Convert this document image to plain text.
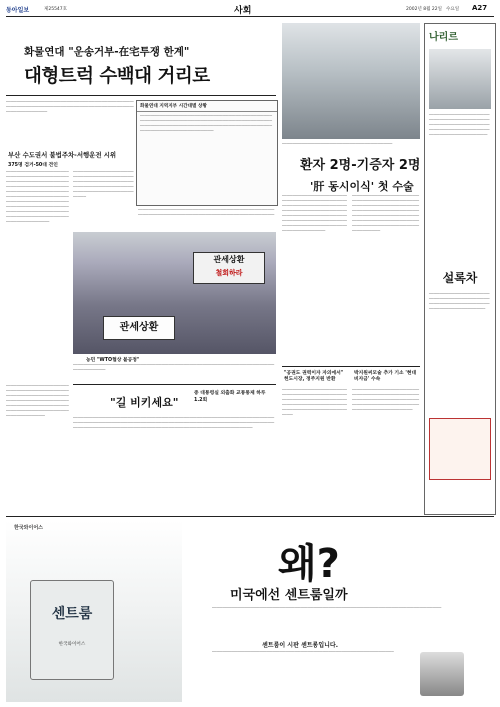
동아일보	제25547호	사회	2002년 8월 22일 수요일 A27
화물연대 "운송거부-在宅투쟁 한계"
대형트럭 수백대 거리로
─────────────────────────────────────────────────────────────────────────────────────────────────────────────────────────────────────────
화물연대 지역지부 시간대별 상황
─────────────────────────────────────────────────────────────────────────────────────────────────────────────────────────────────────────────────────────────────────────────────────────────────────────────────────────
부산 수도권서 불법주차-서행운전 시위
375명 검거-50대 견인
──────────────────────────────────────────────────────────────────────────────────────────────────────────────────────────────────────────────────────────────────────────────────────────────────────────────────────────────────────────────────────────────────────────────────────────────────────────────────────
──────────────────────────────────────────────────────────────────────────────────────────────────────────────────────────────────────────────────
──────────────────────────────────────────────────────────────────────────────────────────────────────────────────────────────
관세상환
철회하라
관세상환
농민 "WTO협상 불공정"
────────────────────────────────────────────────────────────────────────────────────────────────────────────
"길 비키세요"
중 대통령실 외출화 교통통제 하루 1.2회
─────────────────────────────────────────────────────────────────────────────────────────────────────────────────────────────────────────────────────────────────────────────────────────────────────────────────────────────────────────────────────────────────────────────
────────────────────────────────────────────────────────────────────────────────────────────────────────────────────────────────────────────────────────────────────────────────────────────────
───────────────────────────────────────────────────
환자 2명-기증자 2명
'肝 동시이식' 첫 수술
──────────────────────────────────────────────────────────────────────────────────────────────────────────────────────────────────────────────────────────────────────────────────────────────────────────────────────────────────────
──────────────────────────────────────────────────────────────────────────────────────────────────────────────────────────────────────────────────────────────────────────────────────────────────────────────────────────────────────
"공권도 권력이자 자의에서" 헌도시장, 정주지원 반환
박지원씨모술 추가 기소 '현대비자금' 수속
───────────────────────────────────────────────────────────────────────────────────────────────────────────────────────────────────────────────────────────
────────────────────────────────────────────────────────────────────────────────────────────────────────────────────────────────────────────────────────
나리르
───────────────────────────────────────────────────────────────────────────────────────────────────────────────────────────────────────────
설록차
──────────────────────────────────────────────────────────────────────────────────────────────────────────────
센트룸
한국와이어스
한국와이어스
왜?
미국에선 센트룸일까
──────────────────────────────────────────────────────────────────────────────────────────────────────────
센트룸이 시판 센트롱입니다.
────────────────────────────────────────────────────────────────────────────────────
